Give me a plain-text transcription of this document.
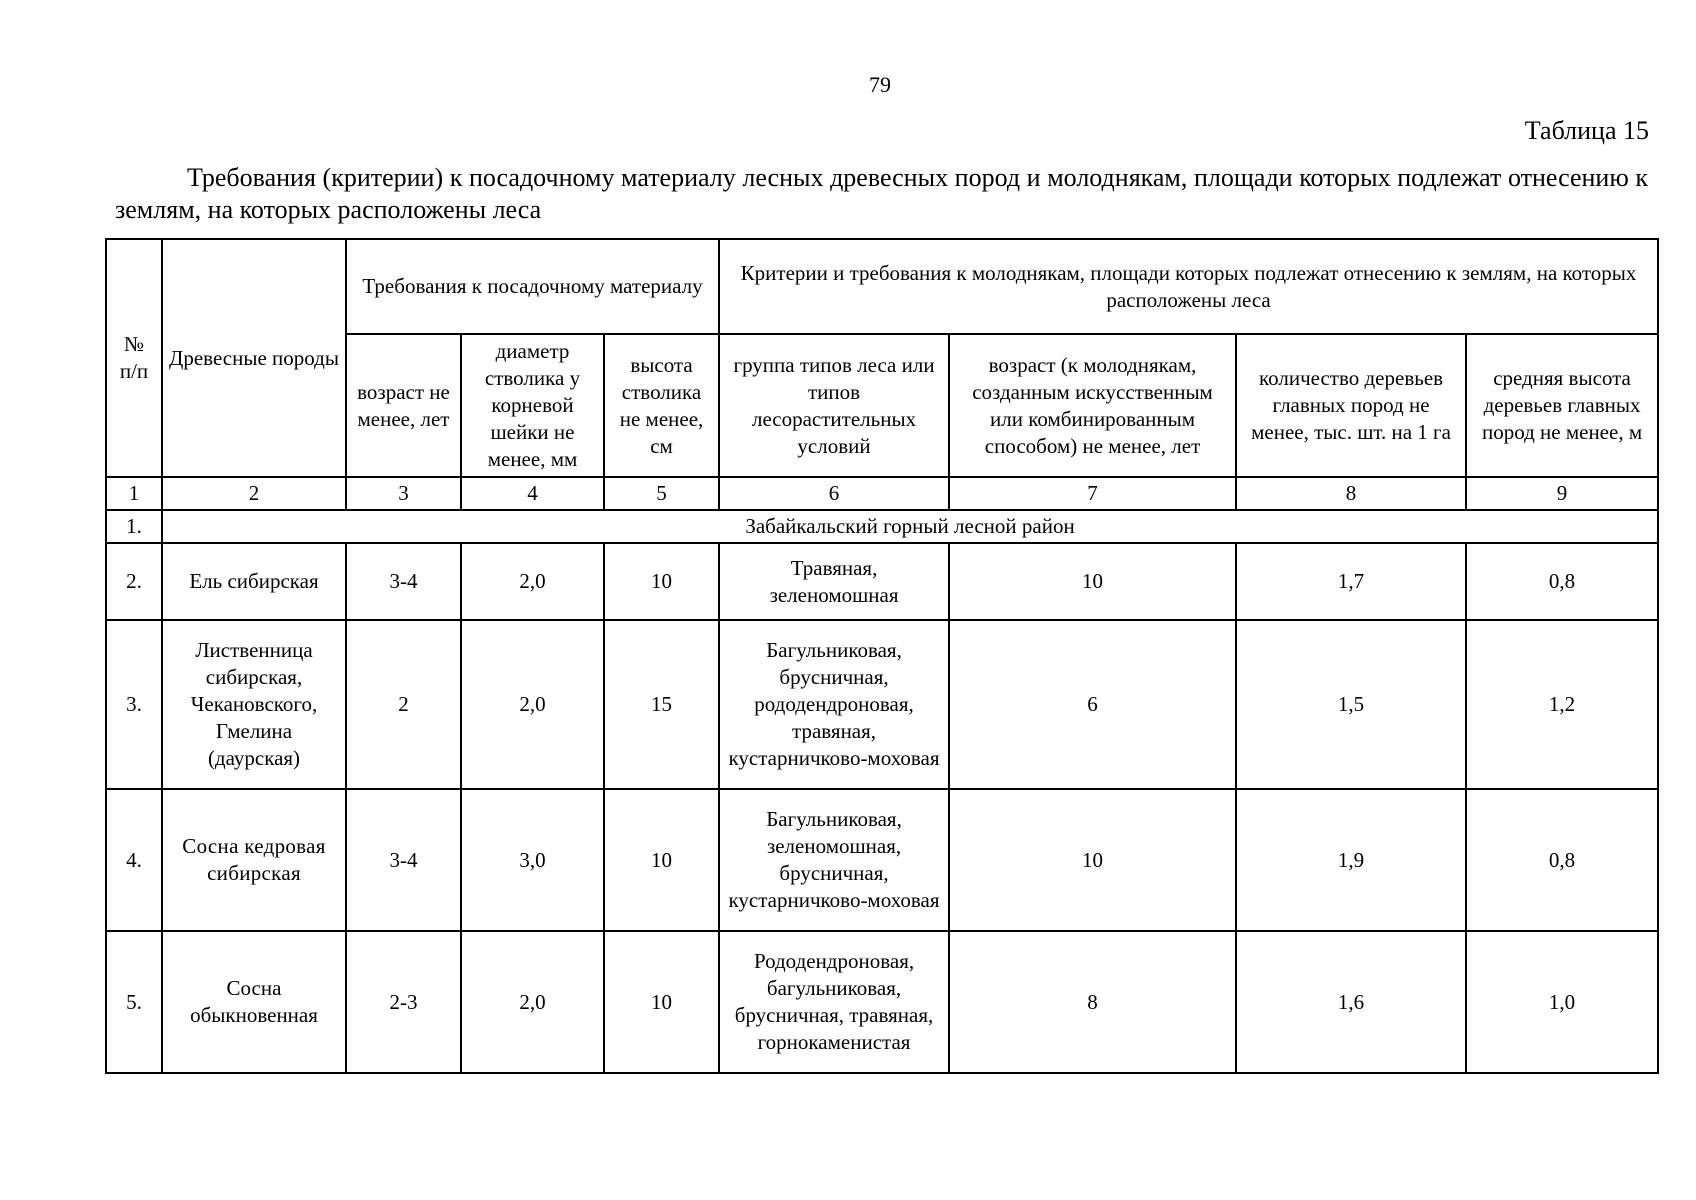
79
Таблица 15
Требования (критерии) к посадочному материалу лесных древесных пород и молоднякам, площади которых подлежат отнесению к землям, на которых расположены леса
№ п/п	Древесные породы	Требования к посадочному материалу			Критерии и требования к молоднякам, площади которых подлежат отнесению к землям, на которых расположены леса			
		возраст не менее, лет	диаметр стволика у корневой шейки не менее, мм	высота стволика не менее, см	группа типов леса или типов лесорастительных условий	возраст (к молоднякам, созданным искусственным или комбинированным способом) не менее, лет	количество деревьев главных пород не менее, тыс. шт. на 1 га	средняя высота деревьев главных пород не менее, м
1	2	3	4	5	6	7	8	9
1.	Забайкальский горный лесной район							
2.	Ель сибирская	3-4	2,0	10	Травяная, зеленомошная	10	1,7	0,8
3.	Лиственница сибирская, Чекановского, Гмелина (даурская)	2	2,0	15	Багульниковая, брусничная, рододендроновая, травяная, кустарничково-моховая	6	1,5	1,2
4.	Сосна кедровая сибирская	3-4	3,0	10	Багульниковая, зеленомошная, брусничная, кустарничково-моховая	10	1,9	0,8
5.	Сосна обыкновенная	2-3	2,0	10	Рододендроновая, багульниковая, брусничная, травяная, горнокаменистая	8	1,6	1,0
